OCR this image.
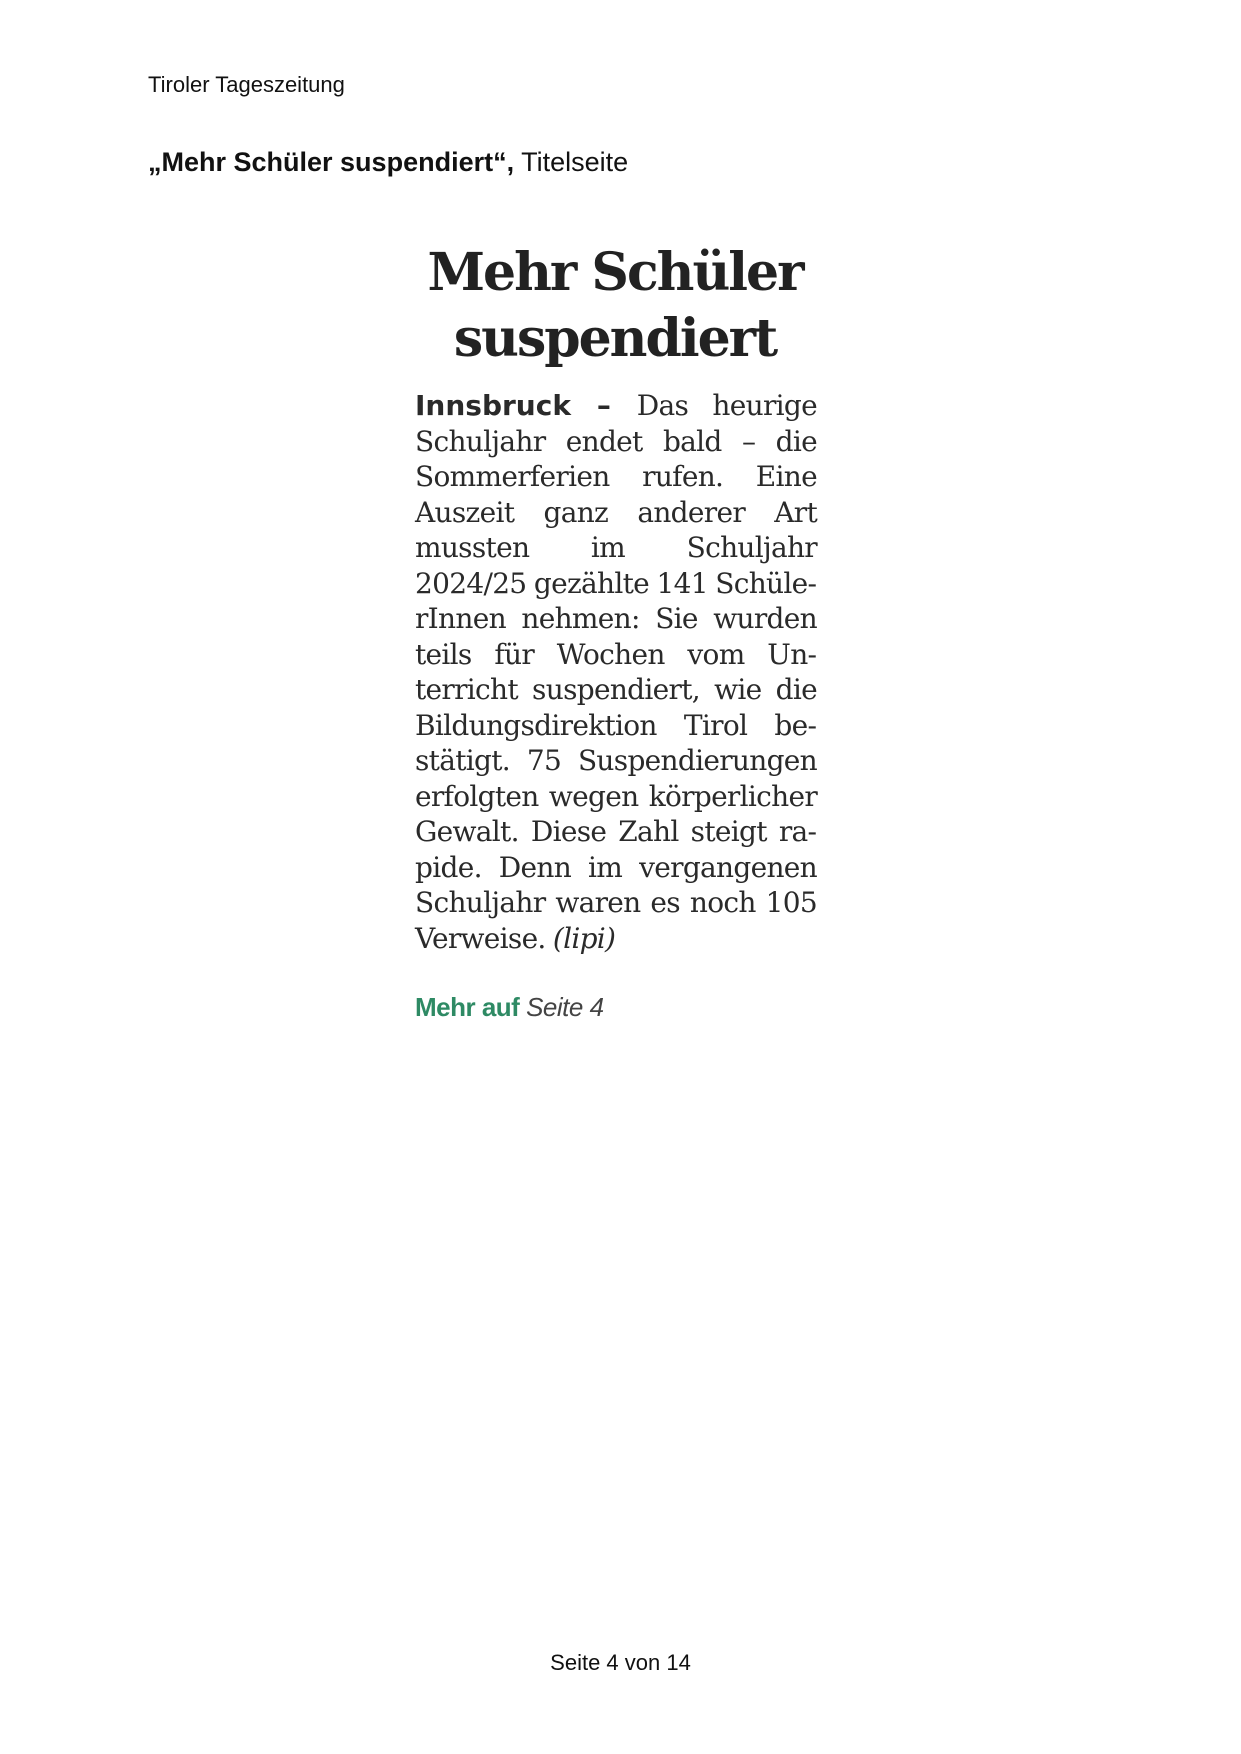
Tiroler Tageszeitung
„Mehr Schüler suspendiert“, Titelseite
Mehr Schüler
suspendiert

Innsbruck – Das heurige Schuljahr endet bald – die Sommerferien rufen. Eine Auszeit ganz anderer Art mussten im Schuljahr 2024/25 gezählte 141 SchülerInnen nehmen: Sie wurden teils für Wochen vom Unterricht suspendiert, wie die Bildungsdirektion Tirol bestätigt. 75 Suspendierungen erfolgten wegen körperlicher Gewalt. Diese Zahl steigt rapide. Denn im vergangenen Schuljahr waren es noch 105 Verweise. (lipi)

Mehr auf Seite 4
Seite 4 von 14
